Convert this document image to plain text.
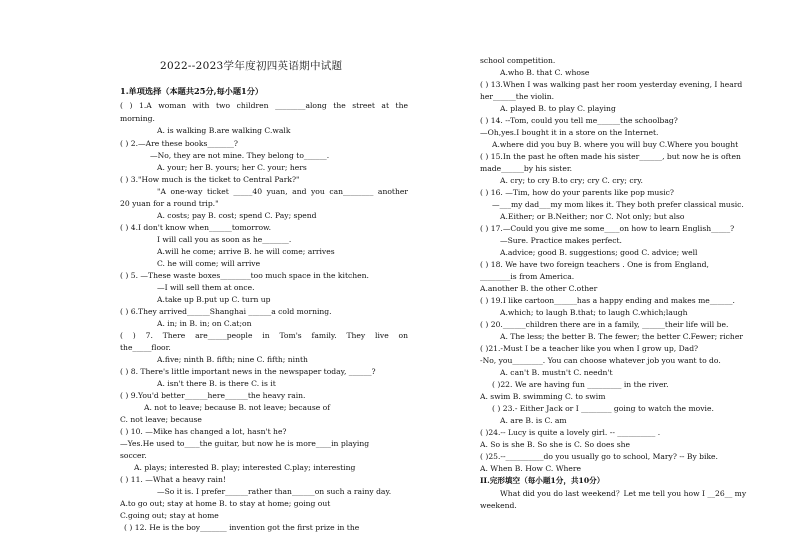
2022--2023学年度初四英语期中试题
1.单项选择（本题共25分,每小题1分）
( ) 1.A woman with two children ________along the street at the
morning.
A. is walking B.are walking C.walk
( ) 2.—Are these books_______?
—No, they are not mine. They belong to______.
A. your; her B. yours; her C. your; hers
( ) 3."How much is the ticket to Central Park?"
"A one-way ticket _____40 yuan, and you can________ another
20 yuan for a round trip."
A. costs; pay B. cost; spend C. Pay; spend
( ) 4.I don't know when______tomorrow.
I will call you as soon as he_______.
A.will he come; arrive B. he will come; arrives
C. he will come; will arrive
( ) 5. —These waste boxes________too much space in the kitchen.
—I will sell them at once.
A.take up B.put up C. turn up
( ) 6.They arrived______Shanghai ______a cold morning.
A. in; in B. in; on C.at;on
( ) 7. There are_____people in Tom's family. They live on
the_____floor.
A.five; ninth B. fifth; nine C. fifth; ninth
( ) 8. There's little important news in the newspaper today, ______?
A. isn't there B. is there C. is it
( ) 9.You'd better______here______the heavy rain.
A. not to leave; because B. not leave; because of
C. not leave; because
( ) 10. —Mike has changed a lot, hasn't he?
—Yes.He used to____the guitar, but now he is more____in playing
soccer.
A. plays; interested B. play; interested C.play; interesting
( ) 11. —What a heavy rain!
—So it is. I prefer______rather than______on such a rainy day.
A.to go out; stay at home B. to stay at home; going out
C.going out; stay at home
( ) 12. He is the boy_______ invention got the first prize in the
school competition.
A.who B. that C. whose
( ) 13.When I was walking past her room yesterday evening, I heard
her______the violin.
A. played B. to play C. playing
( ) 14. --Tom, could you tell me______the schoolbag?
—Oh,yes.I bought it in a store on the Internet.
A.where did you buy B. where you will buy C.Where you bought
( ) 15.In the past he often made his sister______, but now he is often
made______by his sister.
A. cry; to cry B.to cry; cry C. cry; cry.
( ) 16. —Tim, how do your parents like pop music?
—___my dad___my mom likes it. They both prefer classical music.
A.Either; or B.Neither; nor C. Not only; but also
( ) 17.—Could you give me some____on how to learn English_____?
—Sure. Practice makes perfect.
A.advice; good B. suggestions; good C. advice; well
( ) 18. We have two foreign teachers . One is from England,
________is from America.
A.another B. the other C.other
( ) 19.I like cartoon______has a happy ending and makes me______.
A.which; to laugh B.that; to laugh C.which;laugh
( ) 20.______children there are in a family, ______their life will be.
A. The less; the better B. The fewer; the better C.Fewer; richer
( )21.-Must I be a teacher like you when I grow up, Dad?
-No, you________. You can choose whatever job you want to do.
A. can't B. mustn't C. needn't
( )22. We are having fun _________ in the river.
A. swim B. swimming C. to swim
( ) 23.- Either Jack or I ________ going to watch the movie.
A. are B. is C. am
( )24.-- Lucy is quite a lovely girl. -- __________ .
A. So is she B. So she is C. So does she
( )25.--__________do you usually go to school, Mary? -- By bike.
A. When B. How C. Where
II.完形填空（每小题1分，共10分）
What did you do last weekend？Let me tell you how I __26__ my
weekend.
